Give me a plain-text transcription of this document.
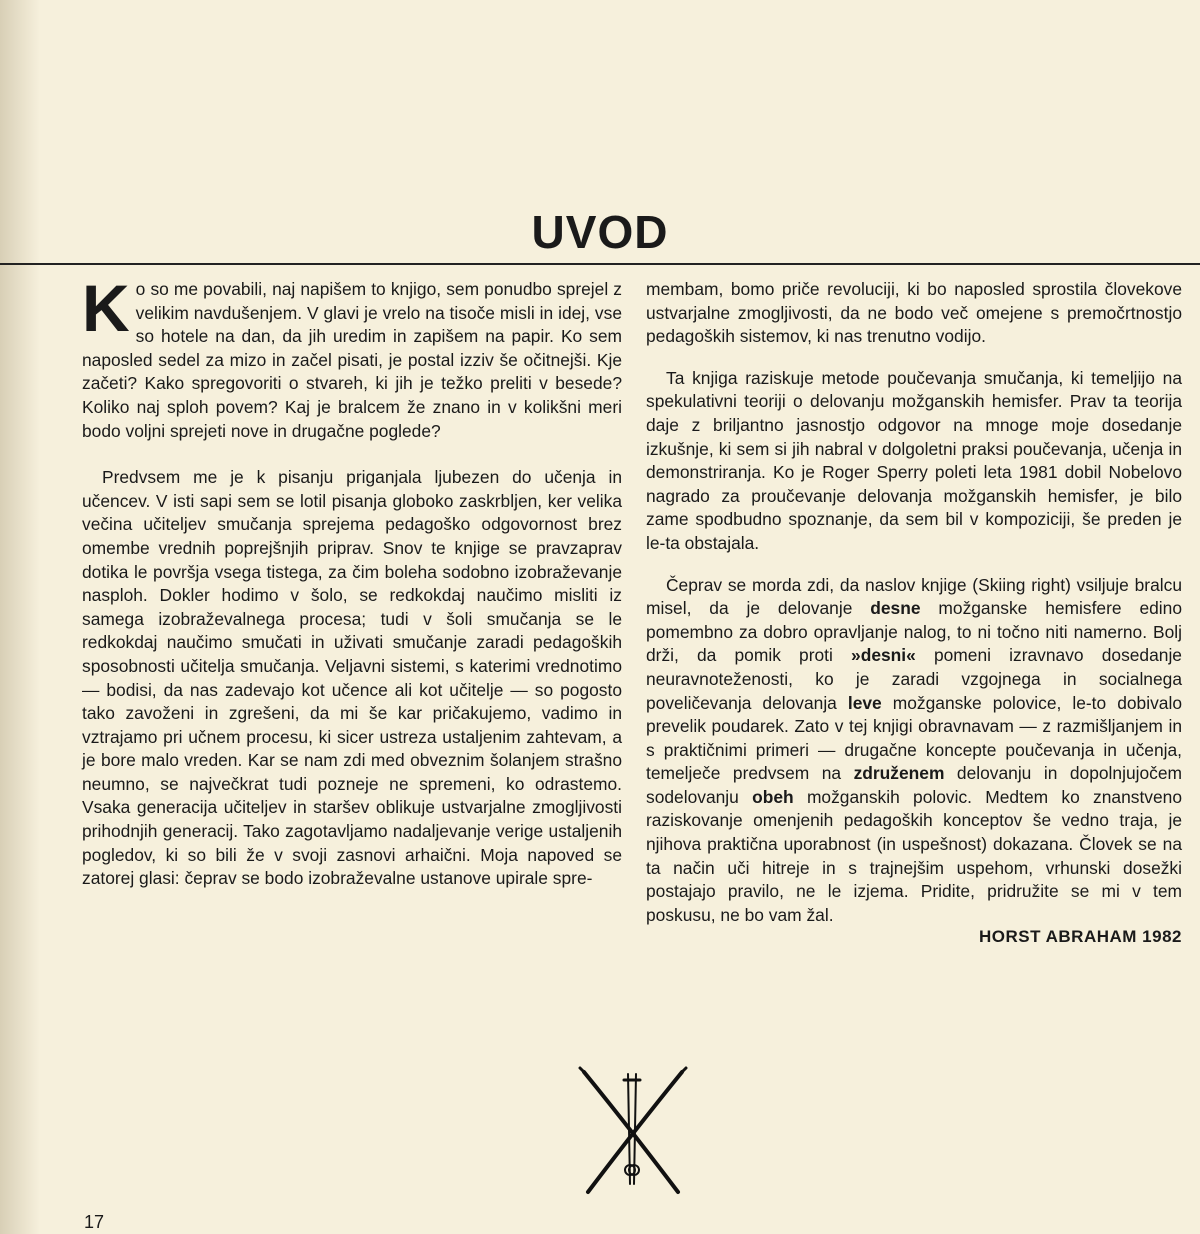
UVOD

Ko so me povabili, naj napišem to knjigo, sem ponudbo sprejel z velikim navdušenjem. V glavi je vrelo na tisoče misli in idej, vse so hotele na dan, da jih uredim in zapišem na papir. Ko sem naposled sedel za mizo in začel pisati, je postal izziv še očitnejši. Kje začeti? Kako spregovoriti o stvareh, ki jih je težko preliti v besede? Koliko naj sploh povem? Kaj je bralcem že znano in v kolikšni meri bodo voljni sprejeti nove in drugačne poglede?

Predvsem me je k pisanju priganjala ljubezen do učenja in učencev. V isti sapi sem se lotil pisanja globoko zaskrbljen, ker velika večina učiteljev smučanja sprejema pedagoško odgovornost brez omembe vrednih poprejšnjih priprav. Snov te knjige se pravzaprav dotika le površja vsega tistega, za čim boleha sodobno izobraževanje nasploh. Dokler hodimo v šolo, se redkokdaj naučimo misliti iz samega izobraževalnega procesa; tudi v šoli smučanja se le redkokdaj naučimo smučati in uživati smučanje zaradi pedagoških sposobnosti učitelja smučanja. Veljavni sistemi, s katerimi vrednotimo — bodisi, da nas zadevajo kot učence ali kot učitelje — so pogosto tako zavoženi in zgrešeni, da mi še kar pričakujemo, vadimo in vztrajamo pri učnem procesu, ki sicer ustreza ustaljenim zahtevam, a je bore malo vreden. Kar se nam zdi med obveznim šolanjem strašno neumno, se največkrat tudi pozneje ne spremeni, ko odrastemo. Vsaka generacija učiteljev in staršev oblikuje ustvarjalne zmogljivosti prihodnjih generacij. Tako zagotavljamo nadaljevanje verige ustaljenih pogledov, ki so bili že v svoji zasnovi arhaični. Moja napoved se zatorej glasi: čeprav se bodo izobraževalne ustanove upirale spre-

membam, bomo priče revoluciji, ki bo naposled sprostila človekove ustvarjalne zmogljivosti, da ne bodo več omejene s premočrtnostjo pedagoških sistemov, ki nas trenutno vodijo.

Ta knjiga raziskuje metode poučevanja smučanja, ki temeljijo na spekulativni teoriji o delovanju možganskih hemisfer. Prav ta teorija daje z briljantno jasnostjo odgovor na mnoge moje dosedanje izkušnje, ki sem si jih nabral v dolgoletni praksi poučevanja, učenja in demonstriranja. Ko je Roger Sperry poleti leta 1981 dobil Nobelovo nagrado za proučevanje delovanja možganskih hemisfer, je bilo zame spodbudno spoznanje, da sem bil v kompoziciji, še preden je le-ta obstajala.

Čeprav se morda zdi, da naslov knjige (Skiing right) vsiljuje bralcu misel, da je delovanje desne možganske hemisfere edino pomembno za dobro opravljanje nalog, to ni točno niti namerno. Bolj drži, da pomik proti »desni« pomeni izravnavo dosedanje neuravnoteženosti, ko je zaradi vzgojnega in socialnega poveličevanja delovanja leve možganske polovice, le-to dobivalo prevelik poudarek. Zato v tej knjigi obravnavam — z razmišljanjem in s praktičnimi primeri — drugačne koncepte poučevanja in učenja, temelječe predvsem na združenem delovanju in dopolnjujočem sodelovanju obeh možganskih polovic. Medtem ko znanstveno raziskovanje omenjenih pedagoških konceptov še vedno traja, je njihova praktična uporabnost (in uspešnost) dokazana. Človek se na ta način uči hitreje in s trajnejšim uspehom, vrhunski dosežki postajajo pravilo, ne le izjema. Pridite, pridružite se mi v tem poskusu, ne bo vam žal.

HORST ABRAHAM 1982

17
